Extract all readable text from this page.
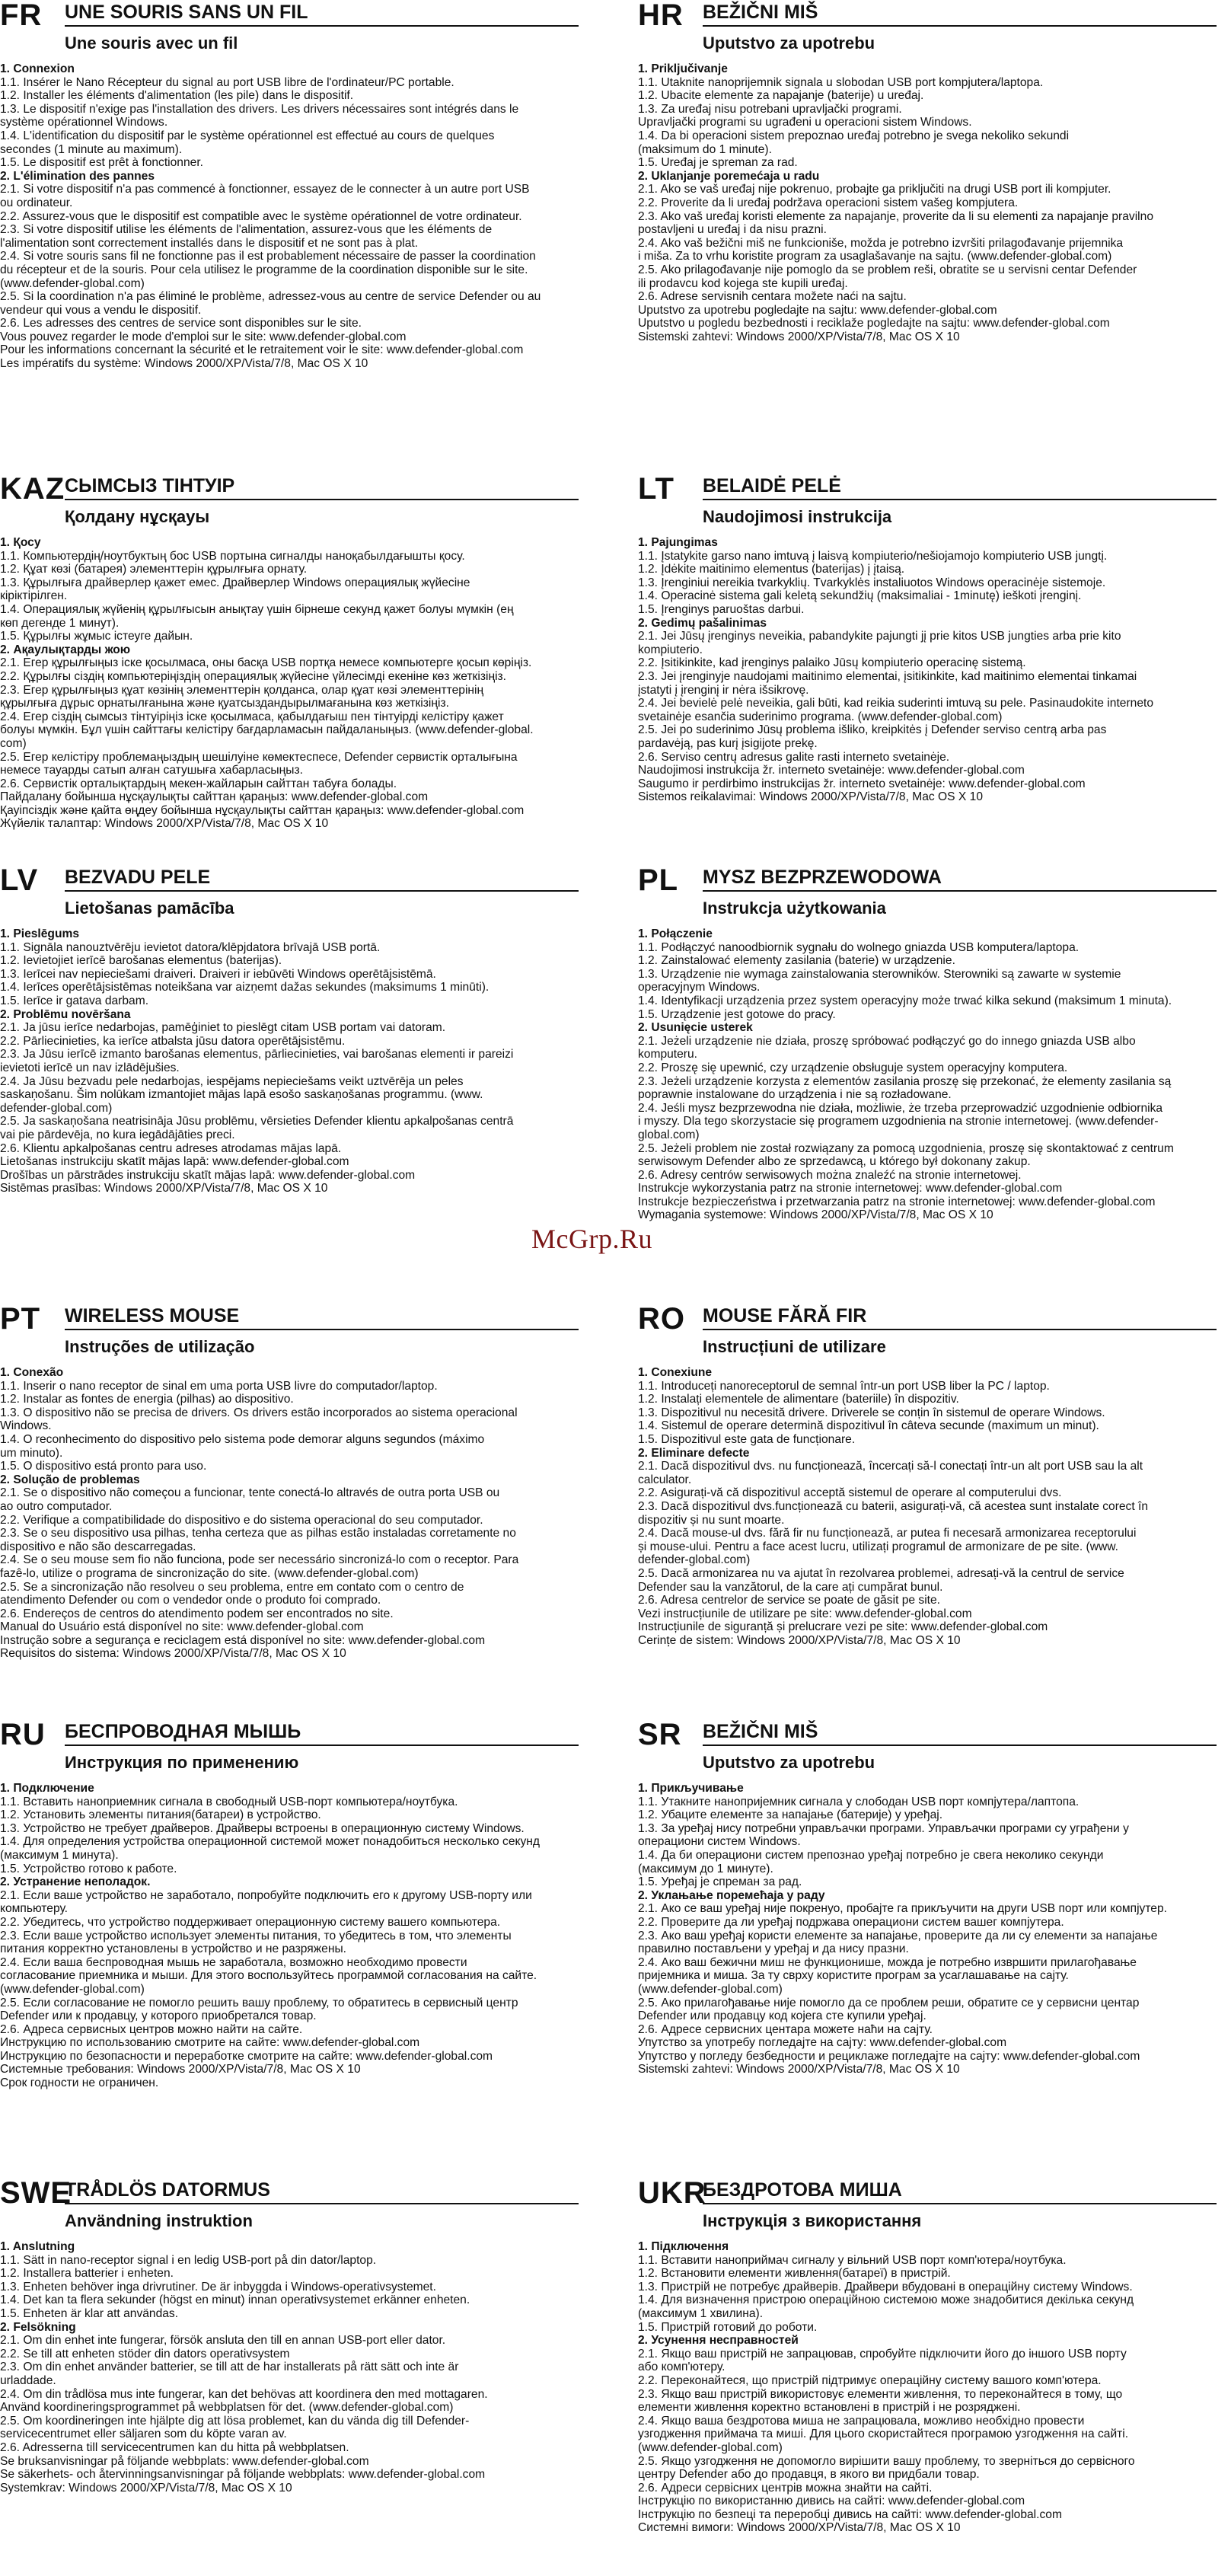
FR UNE SOURIS SANS UN FIL
Une souris avec un fil
1. Connexion
1.1. Insérer le Nano Récepteur du signal au port USB libre de l'ordinateur/PC portable.
1.2. Installer les éléments d'alimentation (les pile) dans le dispositif.
1.3. Le dispositif n'exige pas l'installation des drivers. Les drivers nécessaires sont intégrés dans le
système opérationnel Windows.
1.4. L'identification du dispositif par le système opérationnel est effectué au cours de quelques
secondes (1 minute au maximum).
1.5. Le dispositif est prêt à fonctionner.
2. L'élimination des pannes
2.1. Si votre dispositif n'a pas commencé à fonctionner, essayez de le connecter à un autre port USB
ou ordinateur.
2.2. Assurez-vous que le dispositif est compatible avec le système opérationnel de votre ordinateur.
2.3. Si votre dispositif utilise les éléments de l'alimentation, assurez-vous que les éléments de
l'alimentation sont correctement installés dans le dispositif et ne sont pas à plat.
2.4. Si votre souris sans fil ne fonctionne pas il est probablement nécessaire de passer la coordination
du récepteur et de la souris. Pour cela utilisez le programme de la coordination disponible sur le site.
(www.defender-global.com)
2.5. Si la coordination n'a pas éliminé le problème, adressez-vous au centre de service Defender ou au
vendeur qui vous a vendu le dispositif.
2.6. Les adresses des centres de service sont disponibles sur le site.
Vous pouvez regarder le mode d'emploi sur le site: www.defender-global.com
Pour les informations concernant la sécurité et le retraitement voir le site: www.defender-global.com
Les impératifs du système: Windows 2000/XP/Vista/7/8, Mac OS X 10
KAZ СЫМСЫЗ ТІНТУІР
Қолдану нұсқауы
1. Қосу
1.1. Компьютердің/ноутбуктың бос USB портына сигналды наноқабылдағышты қосу.
1.2. Құат көзі (батарея) элементтерін құрылғыға орнату.
1.3. Құрылғыға драйверлер қажет емес. Драйверлер Windows операциялық жүйесіне
кіріктірілген.
1.4. Операциялық жүйенің құрылғысын анықтау үшін бірнеше секунд қажет болуы мүмкін (ең
көп дегенде 1 минут).
1.5. Құрылғы жұмыс істеуге дайын.
2. Ақаулықтарды жою
2.1. Егер құрылғыңыз іске қосылмаса, оны басқа USB портқа немесе компьютерге қосып көріңіз.
2.2. Құрылғы сіздің компьютеріңіздің операциялық жүйесіне үйлесімді екеніне көз жеткізіңіз.
2.3. Егер құрылғыңыз құат көзінің элементтерін қолданса, олар құат көзі элементтерінің
құрылғыға дұрыс орнатылғанына және қуатсыздандырылмағанына көз жеткізіңіз.
2.4. Егер сіздің сымсыз тінтуіріңіз іске қосылмаса, қабылдағыш пен тінтуірді келістіру қажет
болуы мүмкін. Бұл үшін сайттағы келістіру бағдарламасын пайдаланыңыз. (www.defender-global.
com)
2.5. Егер келістіру проблемаңыздың шешілуіне көмектеспесе, Defender сервистік орталығына
немесе тауарды сатып алған сатушыға хабарласыңыз.
2.6. Сервистік орталықтардың мекен-жайларын сайттан табуға болады.
Пайдалану бойынша нұсқаулықты сайттан қараңыз: www.defender-global.com
Қауіпсіздік және қайта өңдеу бойынша нұсқаулықты сайттан қараңыз: www.defender-global.com
Жүйелік талаптар: Windows 2000/XP/Vista/7/8, Mac OS X 10
LV BEZVADU PELE
Lietošanas pamācība
1. Pieslēgums
1.1. Signāla nanouztvērēju ievietot datora/klēpjdatora brīvajā USB portā.
1.2. Ievietojiet ierīcē barošanas elementus (baterijas).
1.3. Ierīcei nav nepieciešami draiveri. Draiveri ir iebūvēti Windows operētājsistēmā.
1.4. Ierīces operētājsistēmas noteikšana var aizņemt dažas sekundes (maksimums 1 minūti).
1.5. Ierīce ir gatava darbam.
2. Problēmu novēršana
2.1. Ja jūsu ierīce nedarbojas, pamēģiniet to pieslēgt citam USB portam vai datoram.
2.2. Pārliecinieties, ka ierīce atbalsta jūsu datora operētājsistēmu.
2.3. Ja Jūsu ierīcē izmanto barošanas elementus, pārliecinieties, vai barošanas elementi ir pareizi
ievietoti ierīcē un nav izlādējušies.
2.4. Ja Jūsu bezvadu pele nedarbojas, iespējams nepieciešams veikt uztvērēja un peles
saskaņošanu. Šim nolūkam izmantojiet mājas lapā esošo saskaņošanas programmu. (www.
defender-global.com)
2.5. Ja saskaņošana neatrisināja Jūsu problēmu, vērsieties Defender klientu apkalpošanas centrā
vai pie pārdevēja, no kura iegādājāties preci.
2.6. Klientu apkalpošanas centru adreses atrodamas mājas lapā.
Lietošanas instrukciju skatīt mājas lapā: www.defender-global.com
Drošības un pārstrādes instrukciju skatīt mājas lapā: www.defender-global.com
Sistēmas prasības: Windows 2000/XP/Vista/7/8, Mac OS X 10
PT WIRELESS MOUSE
Instruções de utilização
1. Conexão
1.1. Inserir o nano receptor de sinal em uma porta USB livre do computador/laptop.
1.2. Instalar as fontes de energia (pilhas) ao dispositivo.
1.3. O dispositivo não se precisa de drivers. Os drivers estão incorporados ao sistema operacional
Windows.
1.4. O reconhecimento do dispositivo pelo sistema pode demorar alguns segundos (máximo
um minuto).
1.5. O dispositivo está pronto para uso.
2. Solução de problemas
2.1. Se o dispositivo não começou a funcionar, tente conectá-lo altravés de outra porta USB ou
ao outro computador.
2.2. Verifique a compatibilidade do dispositivo e do sistema operacional do seu computador.
2.3. Se o seu dispositivo usa pilhas, tenha certeza que as pilhas estão instaladas corretamente no
dispositivo e não são descarregadas.
2.4. Se o seu mouse sem fio não funciona, pode ser necessário sincronizá-lo com o receptor. Para
fazê-lo, utilize o programa de sincronização do site. (www.defender-global.com)
2.5. Se a sincronização não resolveu o seu problema, entre em contato com o centro de
atendimento Defender ou com o vendedor onde o produto foi comprado.
2.6. Endereços de centros do atendimento podem ser encontrados no site.
Manual do Usuário está disponível no site: www.defender-global.com
Instrução sobre a segurança e reciclagem está disponível no site: www.defender-global.com
Requisitos do sistema: Windows 2000/XP/Vista/7/8, Mac OS X 10
RU БЕСПРОВОДНАЯ МЫШЬ
Инструкция по применению
1. Подключение
1.1. Вставить наноприемник сигнала в свободный USB-порт компьютера/ноутбука.
1.2. Установить элементы питания(батареи) в устройство.
1.3. Устройство не требует драйверов. Драйверы встроены в операционную систему Windows.
1.4. Для определения устройства операционной системой может понадобиться несколько секунд
(максимум 1 минута).
1.5. Устройство готово к работе.
2. Устранение неполадок.
2.1. Если ваше устройство не заработало, попробуйте подключить его к другому USB-порту или
компьютеру.
2.2. Убедитесь, что устройство поддерживает операционную систему вашего компьютера.
2.3. Если ваше устройство использует элементы питания, то убедитесь в том, что элементы
питания корректно установлены в устройство и не разряжены.
2.4. Если ваша беспроводная мышь не заработала, возможно необходимо провести
согласование приемника и мыши. Для этого воспользуйтесь программой согласования на сайте.
(www.defender-global.com)
2.5. Если согласование не помогло решить вашу проблему, то обратитесь в сервисный центр
Defender или к продавцу, у которого приобретался товар.
2.6. Адреса сервисных центров можно найти на сайте.
Инструкцию по использованию смотрите на сайте: www.defender-global.com
Инструкцию по безопасности и переработке смотрите на сайте: www.defender-global.com
Системные требования: Windows 2000/XP/Vista/7/8, Mac OS X 10
Срок годности не ограничен.
SWE
TRÅDLÖS DATORMUS
Användning instruktion
1. Anslutning
1.1. Sätt in nano-receptor signal i en ledig USB-port på din dator/laptop.
1.2. Installera batterier i enheten.
1.3. Enheten behöver inga drivrutiner. De är inbyggda i Windows-operativsystemet.
1.4. Det kan ta flera sekunder (högst en minut) innan operativsystemet erkänner enheten.
1.5. Enheten är klar att användas.
2. Felsökning
2.1. Om din enhet inte fungerar, försök ansluta den till en annan USB-port eller dator.
2.2. Se till att enheten stöder din dators operativsystem
2.3. Om din enhet använder batterier, se till att de har installerats på rätt sätt och inte är
urladdade.
2.4. Om din trådlösa mus inte fungerar, kan det behövas att koordinera den med mottagaren.
Använd koordineringsprogrammet på webbplatsen för det. (www.defender-global.com)
2.5. Om koordineringen inte hjälpte dig att lösa problemet, kan du vända dig till Defender-
servicecentrumet eller säljaren som du köpte varan av.
2.6. Adresserna till servicecentrumen kan du hitta på webbplatsen.
Se bruksanvisningar på följande webbplats: www.defender-global.com
Se säkerhets- och återvinningsanvisningar på följande webbplats: www.defender-global.com
Systemkrav: Windows 2000/XP/Vista/7/8, Mac OS X 10
HR BEŽIČNI MIŠ
Uputstvo za upotrebu
1. Priključivanje
1.1. Utaknite nanoprijemnik signala u slobodan USB port kompjutera/laptopa.
1.2. Ubacite elemente za napajanje (baterije) u uređaj.
1.3. Za uređaj nisu potrebani upravljački programi.
Upravljački programi su ugrađeni u operacioni sistem Windows.
1.4. Da bi operacioni sistem prepoznao uređaj potrebno je svega nekoliko sekundi
(maksimum do 1 minute).
1.5. Uređaj je spreman za rad.
2. Uklanjanje poremećaja u radu
2.1. Ako se vaš uređaj nije pokrenuo, probajte ga priključiti na drugi USB port ili kompjuter.
2.2. Proverite da li uređaj podržava operacioni sistem vašeg kompjutera.
2.3. Ako vaš uređaj koristi elemente za napajanje, proverite da li su elementi za napajanje pravilno
postavljeni u uređaj i da nisu prazni.
2.4. Ako vaš bežični miš ne funkcioniše, možda je potrebno izvršiti prilagođavanje prijemnika
i miša. Za to vrhu koristite program za usaglašavanje na sajtu. (www.defender-global.com)
2.5. Ako prilagođavanje nije pomoglo da se problem reši, obratite se u servisni centar Defender
ili prodavcu kod kojega ste kupili uređaj.
2.6. Adrese servisnih centara možete naći na sajtu.
Uputstvo za upotrebu pogledajte na sajtu: www.defender-global.com
Uputstvo u pogledu bezbednosti i reciklaže pogledajte na sajtu: www.defender-global.com
Sistemski zahtevi: Windows 2000/XP/Vista/7/8, Mac OS X 10
LT BELAIDĖ PELĖ
Naudojimosi instrukcija
1. Pajungimas
1.1. Įstatykite garso nano imtuvą į laisvą kompiuterio/nešiojamojo kompiuterio USB jungtį.
1.2. Įdėkite maitinimo elementus (baterijas) į įtaisą.
1.3. Įrenginiui nereikia tvarkyklių. Tvarkyklės instaliuotos Windows operacinėje sistemoje.
1.4. Operacinė sistema gali keletą sekundžių (maksimaliai - 1minutę) ieškoti įrenginį.
1.5. Įrenginys paruoštas darbui.
2. Gedimų pašalinimas
2.1. Jei Jūsų įrenginys neveikia, pabandykite pajungti jį prie kitos USB jungties arba prie kito
kompiuterio.
2.2. Įsitikinkite, kad įrenginys palaiko Jūsų kompiuterio operacinę sistemą.
2.3. Jei įrenginyje naudojami maitinimo elementai, įsitikinkite, kad maitinimo elementai tinkamai
įstatyti į įrenginį ir nėra išsikrovę.
2.4. Jei bevielė pelė neveikia, gali būti, kad reikia suderinti imtuvą su pele. Pasinaudokite interneto
svetainėje esančia suderinimo programa. (www.defender-global.com)
2.5. Jei po suderinimo Jūsų problema išliko, kreipkitės į Defender serviso centrą arba pas
pardavėją, pas kurį įsigijote prekę.
2.6. Serviso centrų adresus galite rasti interneto svetainėje.
Naudojimosi instrukcija žr. interneto svetainėje: www.defender-global.com
Saugumo ir perdirbimo instrukcijas žr. interneto svetainėje: www.defender-global.com
Sistemos reikalavimai: Windows 2000/XP/Vista/7/8, Mac OS X 10
PL MYSZ BEZPRZEWODOWA
Instrukcja użytkowania
1. Połączenie
1.1. Podłączyć nanoodbiornik sygnału do wolnego gniazda USB komputera/laptopa.
1.2. Zainstalować elementy zasilania (baterie) w urządzenie.
1.3. Urządzenie nie wymaga zainstalowania sterowników. Sterowniki są zawarte w systemie
operacyjnym Windows.
1.4. Identyfikacji urządzenia przez system operacyjny może trwać kilka sekund (maksimum 1 minuta).
1.5. Urządzenie jest gotowe do pracy.
2. Usunięcie usterek
2.1. Jeżeli urządzenie nie działa, proszę spróbować podłączyć go do innego gniazda USB albo
komputeru.
2.2. Proszę się upewnić, czy urządzenie obsługuje system operacyjny komputera.
2.3. Jeżeli urządzenie korzysta z elementów zasilania proszę się przekonać, że elementy zasilania są
poprawnie instalowane do urządzenia i nie są rozładowane.
2.4. Jeśli mysz bezprzewodna nie działa, możliwie, że trzeba przeprowadzić uzgodnienie odbiornika
i myszy. Dla tego skorzystacie się programem uzgodnienia na stronie internetowej. (www.defender-
global.com)
2.5. Jeżeli problem nie został rozwiązany za pomocą uzgodnienia, proszę się skontaktować z centrum
serwisowym Defender albo ze sprzedawcą, u którego był dokonany zakup.
2.6. Adresy centrów serwisowych można znaleźć na stronie internetowej.
Instrukcje wykorzystania patrz na stronie internetowej: www.defender-global.com
Instrukcje bezpieczeństwa i przetwarzania patrz na stronie internetowej: www.defender-global.com
Wymagania systemowe: Windows 2000/XP/Vista/7/8, Mac OS X 10
RO MOUSE FĂRĂ FIR
Instrucțiuni de utilizare
1. Conexiune
1.1. Introduceți nanoreceptorul de semnal într-un port USB liber la PC / laptop.
1.2. Instalați elementele de alimentare (bateriile) în dispozitiv.
1.3. Dispozitivul nu necesită drivere. Driverele se conțin în sistemul de operare Windows.
1.4. Sistemul de operare determină dispozitivul în câteva secunde (maximum un minut).
1.5. Dispozitivul este gata de funcționare.
2. Eliminare defecte
2.1. Dacă dispozitivul dvs. nu funcționează, încercați să-l conectați într-un alt port USB sau la alt
calculator.
2.2. Asigurați-vă că dispozitivul acceptă sistemul de operare al computerului dvs.
2.3. Dacă dispozitivul dvs.funcționează cu baterii, asigurați-vă, că acestea sunt instalate corect în
dispozitiv și nu sunt moarte.
2.4. Dacă mouse-ul dvs. fără fir nu funcționează, ar putea fi necesară armonizarea receptorului
și mouse-ului. Pentru a face acest lucru, utilizați programul de armonizare de pe site. (www.
defender-global.com)
2.5. Dacă armonizarea nu va ajutat în rezolvarea problemei, adresați-vă la centrul de service
Defender sau la vanzătorul, de la care ați cumpărat bunul.
2.6. Adresa centrelor de service se poate de găsit pe site.
Vezi instrucțiunile de utilizare pe site: www.defender-global.com
Instrucțiunile de siguranță și prelucrare vezi pe site: www.defender-global.com
Cerințe de sistem: Windows 2000/XP/Vista/7/8, Mac OS X 10
SR BEŽIČNI MIŠ
Uputstvo za upotrebu
1. Прикључивање
1.1. Утакните нанопријемник сигнала у слободан USB порт компјутера/лаптопа.
1.2. Убаците елементе за напајање (батерије) у уређај.
1.3. За уређај нису потребни управљачки програми. Управљачки програми су уграђени у
операциони систем Windows.
1.4. Да би операциони систем препознао уређај потребно је свега неколико секунди
(максимум до 1 минуте).
1.5. Уређај је спреман за рад.
2. Уклањање поремећаја у раду
2.1. Ако се ваш уређај није покренуо, пробајте га прикључити на други USB порт или компјутер.
2.2. Проверите да ли уређај подржава операциони систем вашег компјутера.
2.3. Ако ваш уређај користи елементе за напајање, проверите да ли су елементи за напајање
правилно постављени у уређај и да нису празни.
2.4. Ако ваш бежични миш не функционише, можда је потребно извршити прилагођавање
пријемника и миша. За ту сврху користите програм за усаглашавање на сајту.
(www.defender-global.com)
2.5. Ако прилагођавање није помогло да се проблем реши, обратите се у сервисни центар
Defender или продавцу код којега сте купили уређај.
2.6. Адресе сервисних центара можете наћи на сајту.
Упутство за употребу погледајте на сајту: www.defender-global.com
Упутство у погледу безбедности и рециклаже погледајте на сајту: www.defender-global.com
Sistemski zahtevi: Windows 2000/XP/Vista/7/8, Mac OS X 10
UKR
БЕЗДРОТОВА МИША
Інструкція з використання
1. Підключення
1.1. Вставити наноприймач сигналу у вільний USB порт комп'ютера/ноутбука.
1.2. Встановити елементи живлення(батареї) в пристрій.
1.3. Пристрій не потребує драйверів. Драйвери вбудовані в операційну систему Windows.
1.4. Для визначення пристрою операційною системою може знадобитися декілька секунд
(максимум 1 хвилина).
1.5. Пристрій готовий до роботи.
2. Усунення несправностей
2.1. Якщо ваш пристрій не запрацював, спробуйте підключити його до іншого USB порту
або комп'ютеру.
2.2. Переконайтеся, що пристрій підтримує операційну систему вашого комп'ютера.
2.3. Якщо ваш пристрій використовує елементи живлення, то переконайтеся в тому, що
елементи живлення коректно встановлені в пристрій і не розряджені.
2.4. Якщо ваша бездротова миша не запрацювала, можливо необхідно провести
узгодження приймача та миші. Для цього скористайтеся програмою узгодження на сайті.
(www.defender-global.com)
2.5. Якщо узгодження не допомогло вирішити вашу проблему, то зверніться до сервісного
центру Defender або до продавця, в якого ви придбали товар.
2.6. Адреси сервісних центрів можна знайти на сайті.
Інструкцію по використанню дивись на сайті: www.defender-global.com
Інструкцію по безпеці та переробці дивись на сайті: www.defender-global.com
Системні вимоги: Windows 2000/XP/Vista/7/8, Mac OS X 10
McGrp.Ru
